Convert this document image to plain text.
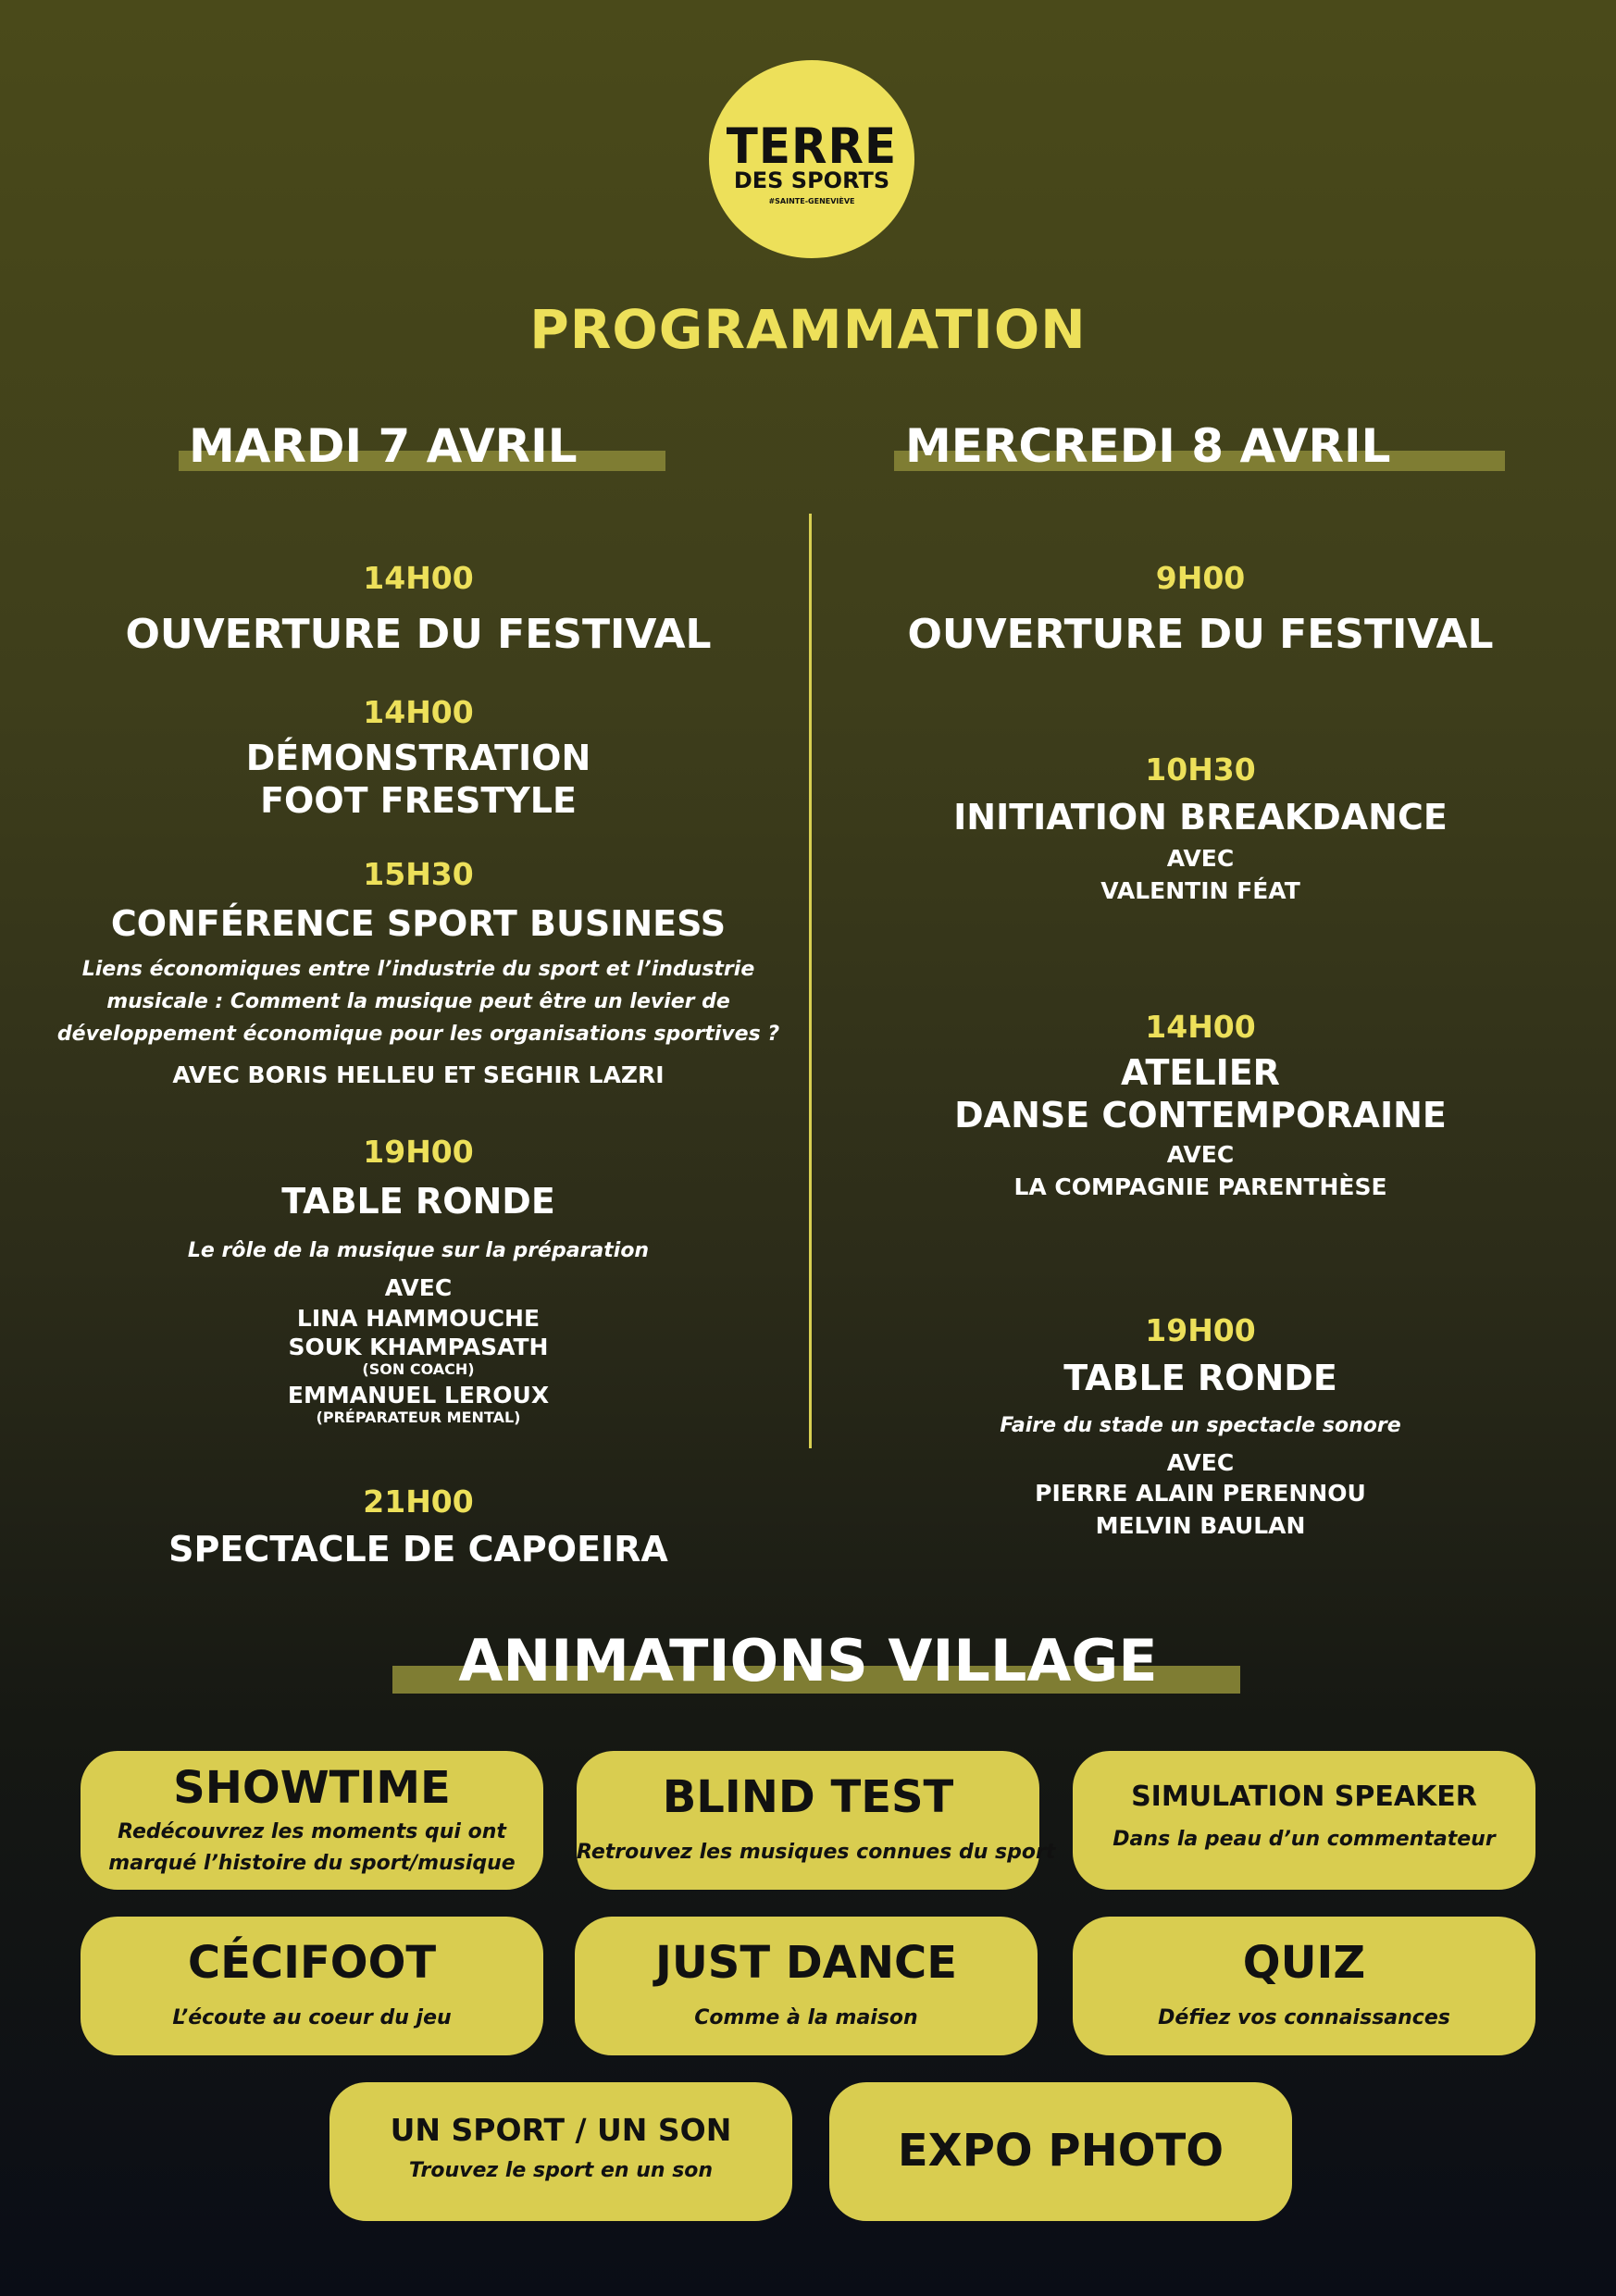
TERRE
DES SPORTS
#SAINTE-GENEVIÈVE
PROGRAMMATION
MARDI 7 AVRIL	MERCREDI 8 AVRIL
14H00
OUVERTURE DU FESTIVAL
14H00
DÉMONSTRATION
FOOT FRESTYLE
15H30
CONFÉRENCE SPORT BUSINESS
Liens économiques entre l’industrie du sport et l’industrie
musicale : Comment la musique peut être un levier de
développement économique pour les organisations sportives ?
AVEC BORIS HELLEU ET SEGHIR LAZRI
19H00
TABLE RONDE
Le rôle de la musique sur la préparation
AVEC
LINA HAMMOUCHE
SOUK KHAMPASATH
(SON COACH)
EMMANUEL LEROUX
(PRÉPARATEUR MENTAL)
21H00
SPECTACLE DE CAPOEIRA
9H00
OUVERTURE DU FESTIVAL
10H30
INITIATION BREAKDANCE
AVEC
VALENTIN FÉAT
14H00
ATELIER
DANSE CONTEMPORAINE
AVEC
LA COMPAGNIE PARENTHÈSE
19H00
TABLE RONDE
Faire du stade un spectacle sonore
AVEC
PIERRE ALAIN PERENNOU
MELVIN BAULAN
ANIMATIONS VILLAGE
SHOWTIME
Redécouvrez les moments qui ont
marqué l’histoire du sport/musique
BLIND TEST
Retrouvez les musiques connues du sport
SIMULATION SPEAKER
Dans la peau d’un commentateur
CÉCIFOOT
L’écoute au coeur du jeu
JUST DANCE
Comme à la maison
QUIZ
Défiez vos connaissances
UN SPORT / UN SON
Trouvez le sport en un son	EXPO PHOTO
